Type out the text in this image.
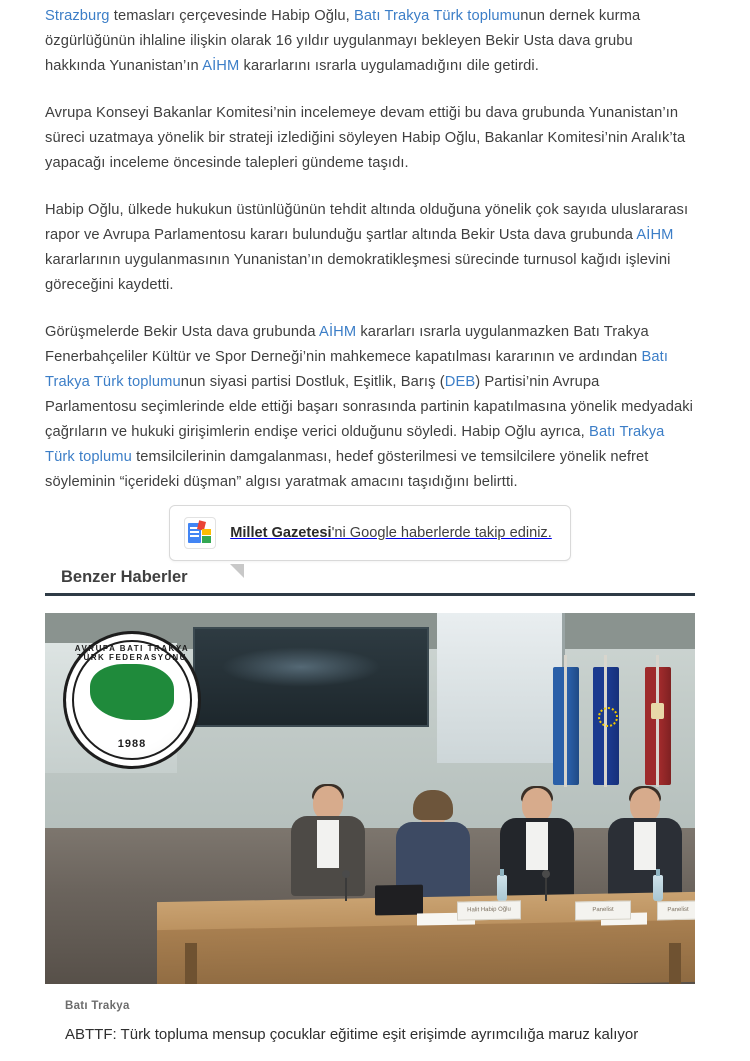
Strazburg temasları çerçevesinde Habip Oğlu, Batı Trakya Türk toplumunun dernek kurma özgürlüğünün ihlaline ilişkin olarak 16 yıldır uygulanmayı bekleyen Bekir Usta dava grubu hakkında Yunanistan’ın AİHM kararlarını ısrarla uygulamadığını dile getirdi.

Avrupa Konseyi Bakanlar Komitesi’nin incelemeye devam ettiği bu dava grubunda Yunanistan’ın süreci uzatmaya yönelik bir strateji izlediğini söyleyen Habip Oğlu, Bakanlar Komitesi’nin Aralık’ta yapacağı inceleme öncesinde talepleri gündeme taşıdı.

Habip Oğlu, ülkede hukukun üstünlüğünün tehdit altında olduğuna yönelik çok sayıda uluslararası rapor ve Avrupa Parlamentosu kararı bulunduğu şartlar altında Bekir Usta dava grubunda AİHM kararlarının uygulanmasının Yunanistan’ın demokratikleşmesi sürecinde turnusol kağıdı işlevini göreceğini kaydetti.

Görüşmelerde Bekir Usta dava grubunda AİHM kararları ısrarla uygulanmazken Batı Trakya Fenerbahçeliler Kültür ve Spor Derneği’nin mahkemece kapatılması kararının ve ardından Batı Trakya Türk toplumunun siyasi partisi Dostluk, Eşitlik, Barış (DEB) Partisi’nin Avrupa Parlamentosu seçimlerinde elde ettiği başarı sonrasında partinin kapatılmasına yönelik medyadaki çağrıların ve hukuki girişimlerin endişe verici olduğunu söyledi. Habip Oğlu ayrıca, Batı Trakya Türk toplumu temsilcilerinin damgalanması, hedef gösterilmesi ve temsilcilere yönelik nefret söyleminin “içerideki düşman” algısı yaratmak amacını taşıdığını belirtti.

Millet Gazetesi'ni Google haberlerde takip ediniz.
Benzer Haberler
Halit Habip Oğlu	Panelist	Panelist
AVRUPA BATI TRAKYA TÜRK FEDERASYONU
1988
Batı Trakya
ABTTF: Türk topluma mensup çocuklar eğitime eşit erişimde ayrımcılığa maruz kalıyor
